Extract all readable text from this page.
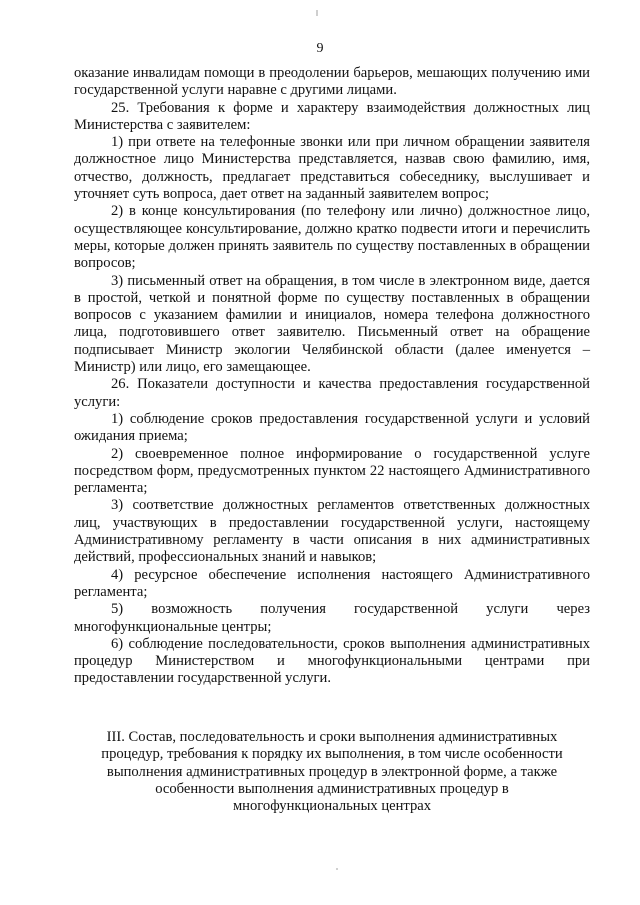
9

оказание инвалидам помощи в преодолении барьеров, мешающих получению ими государственной услуги наравне с другими лицами.

25. Требования к форме и характеру взаимодействия должностных лиц Министерства с заявителем:

1) при ответе на телефонные звонки или при личном обращении заявителя должностное лицо Министерства представляется, назвав свою фамилию, имя, отчество, должность, предлагает представиться собеседнику, выслушивает и уточняет суть вопроса, дает ответ на заданный заявителем вопрос;

2) в конце консультирования (по телефону или лично) должностное лицо, осуществляющее консультирование, должно кратко подвести итоги и перечислить меры, которые должен принять заявитель по существу поставленных в обращении вопросов;

3) письменный ответ на обращения, в том числе в электронном виде, дается в простой, четкой и понятной форме по существу поставленных в обращении вопросов с указанием фамилии и инициалов, номера телефона должностного лица, подготовившего ответ заявителю. Письменный ответ на обращение подписывает Министр экологии Челябинской области (далее именуется – Министр) или лицо, его замещающее.

26. Показатели доступности и качества предоставления государственной услуги:

1) соблюдение сроков предоставления государственной услуги и условий ожидания приема;

2) своевременное полное информирование о государственной услуге посредством форм, предусмотренных пунктом 22 настоящего Административного регламента;

3) соответствие должностных регламентов ответственных должностных лиц, участвующих в предоставлении государственной услуги, настоящему Административному регламенту в части описания в них административных действий, профессиональных знаний и навыков;

4) ресурсное обеспечение исполнения настоящего Административного регламента;

5) возможность получения государственной услуги через многофункциональные центры;

6) соблюдение последовательности, сроков выполнения административных процедур Министерством и многофункциональными центрами при предоставлении государственной услуги.

III. Состав, последовательность и сроки выполнения административных
процедур, требования к порядку их выполнения, в том числе особенности
выполнения административных процедур в электронной форме, а также
особенности выполнения административных процедур в
многофункциональных центрах
